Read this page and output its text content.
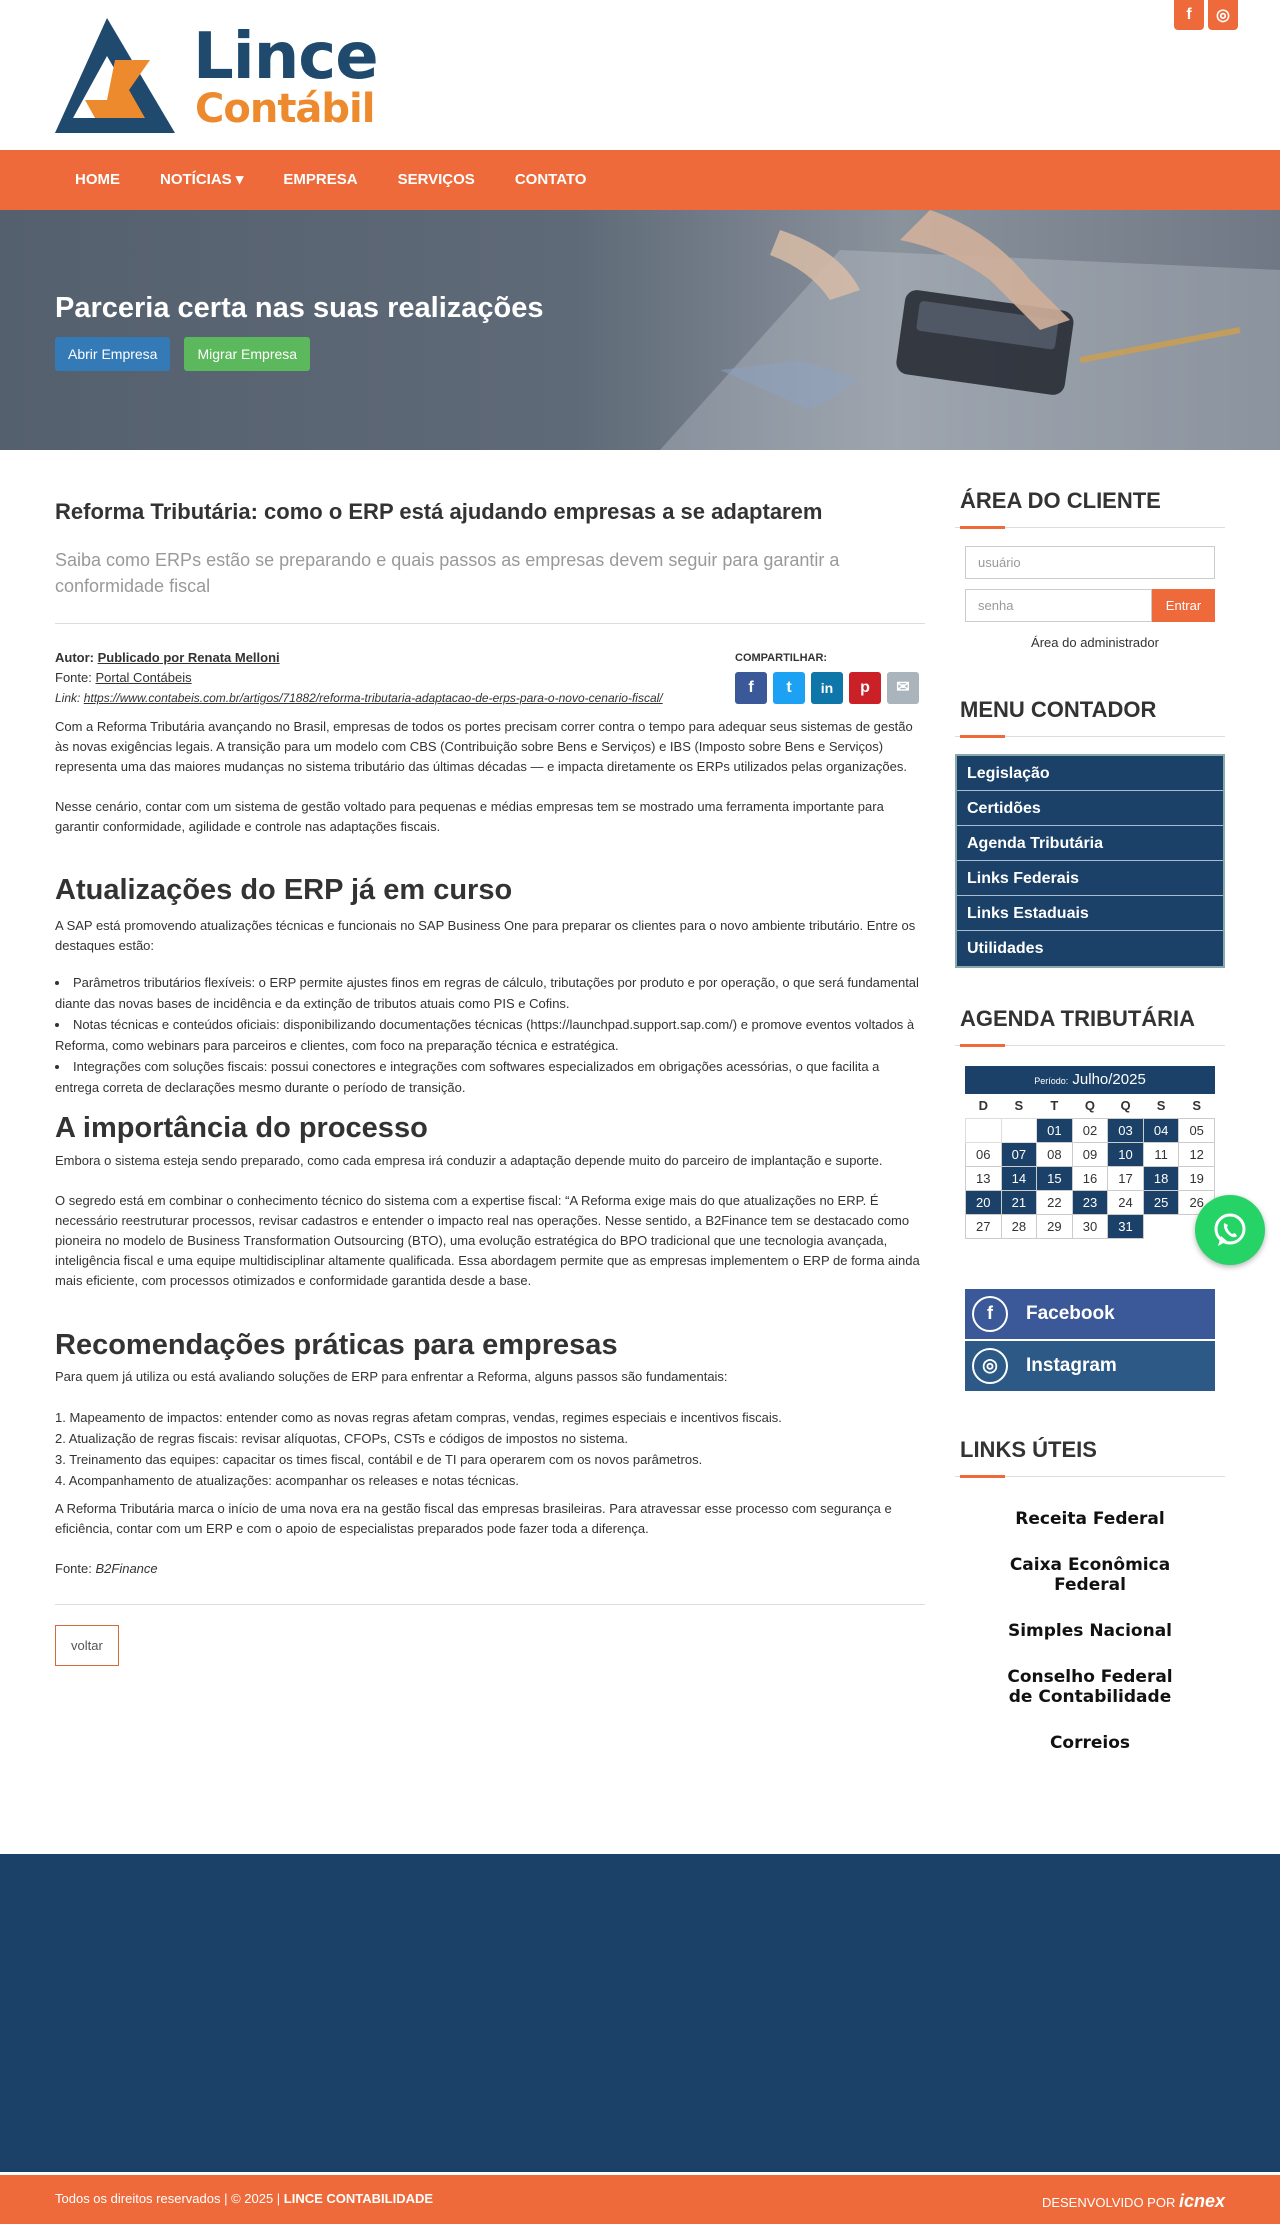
Lince
Contábil
f	◎
HOME	NOTÍCIAS ▾	EMPRESA	SERVIÇOS	CONTATO
Parceria certa nas suas realizações
Abrir Empresa	Migrar Empresa
Reforma Tributária: como o ERP está ajudando empresas a se adaptarem
Saiba como ERPs estão se preparando e quais passos as empresas devem seguir para garantir a conformidade fiscal
Autor: Publicado por Renata Melloni
Fonte: Portal Contábeis
Link: https://www.contabeis.com.br/artigos/71882/reforma-tributaria-adaptacao-de-erps-para-o-novo-cenario-fiscal/
COMPARTILHAR:
f	t	in	p	✉
Com a Reforma Tributária avançando no Brasil, empresas de todos os portes precisam correr contra o tempo para adequar seus sistemas de gestão às novas exigências legais. A transição para um modelo com CBS (Contribuição sobre Bens e Serviços) e IBS (Imposto sobre Bens e Serviços) representa uma das maiores mudanças no sistema tributário das últimas décadas — e impacta diretamente os ERPs utilizados pelas organizações.
Nesse cenário, contar com um sistema de gestão voltado para pequenas e médias empresas tem se mostrado uma ferramenta importante para garantir conformidade, agilidade e controle nas adaptações fiscais.
Atualizações do ERP já em curso
A SAP está promovendo atualizações técnicas e funcionais no SAP Business One para preparar os clientes para o novo ambiente tributário. Entre os destaques estão:
• Parâmetros tributários flexíveis: o ERP permite ajustes finos em regras de cálculo, tributações por produto e por operação, o que será fundamental diante das novas bases de incidência e da extinção de tributos atuais como PIS e Cofins.
• Notas técnicas e conteúdos oficiais: disponibilizando documentações técnicas (https://launchpad.support.sap.com/) e promove eventos voltados à Reforma, como webinars para parceiros e clientes, com foco na preparação técnica e estratégica.
• Integrações com soluções fiscais: possui conectores e integrações com softwares especializados em obrigações acessórias, o que facilita a entrega correta de declarações mesmo durante o período de transição.
A importância do processo
Embora o sistema esteja sendo preparado, como cada empresa irá conduzir a adaptação depende muito do parceiro de implantação e suporte.
O segredo está em combinar o conhecimento técnico do sistema com a expertise fiscal: “A Reforma exige mais do que atualizações no ERP. É necessário reestruturar processos, revisar cadastros e entender o impacto real nas operações. Nesse sentido, a B2Finance tem se destacado como pioneira no modelo de Business Transformation Outsourcing (BTO), uma evolução estratégica do BPO tradicional que une tecnologia avançada, inteligência fiscal e uma equipe multidisciplinar altamente qualificada. Essa abordagem permite que as empresas implementem o ERP de forma ainda mais eficiente, com processos otimizados e conformidade garantida desde a base.
Recomendações práticas para empresas
Para quem já utiliza ou está avaliando soluções de ERP para enfrentar a Reforma, alguns passos são fundamentais:
1. Mapeamento de impactos: entender como as novas regras afetam compras, vendas, regimes especiais e incentivos fiscais.
2. Atualização de regras fiscais: revisar alíquotas, CFOPs, CSTs e códigos de impostos no sistema.
3. Treinamento das equipes: capacitar os times fiscal, contábil e de TI para operarem com os novos parâmetros.
4. Acompanhamento de atualizações: acompanhar os releases e notas técnicas.
A Reforma Tributária marca o início de uma nova era na gestão fiscal das empresas brasileiras. Para atravessar esse processo com segurança e eficiência, contar com um ERP e com o apoio de especialistas preparados pode fazer toda a diferença.
Fonte: B2Finance
voltar
ÁREA DO CLIENTE
usuário
senha	Entrar
Área do administrador
MENU CONTADOR
Legislação
Certidões
Agenda Tributária
Links Federais
Links Estaduais
Utilidades
AGENDA TRIBUTÁRIA
Período: Julho/2025
D	S	T	Q	Q	S	S
		01	02	03	04	05
06	07	08	09	10	11	12
13	14	15	16	17	18	19
20	21	22	23	24	25	26
27	28	29	30	31		
f	Facebook
◎	Instagram
LINKS ÚTEIS
Receita Federal
Caixa Econômica Federal
Simples Nacional
Conselho Federal de Contabilidade
Correios
Todos os direitos reservados | © 2025 | LINCE CONTABILIDADE	DESENVOLVIDO POR icnex
